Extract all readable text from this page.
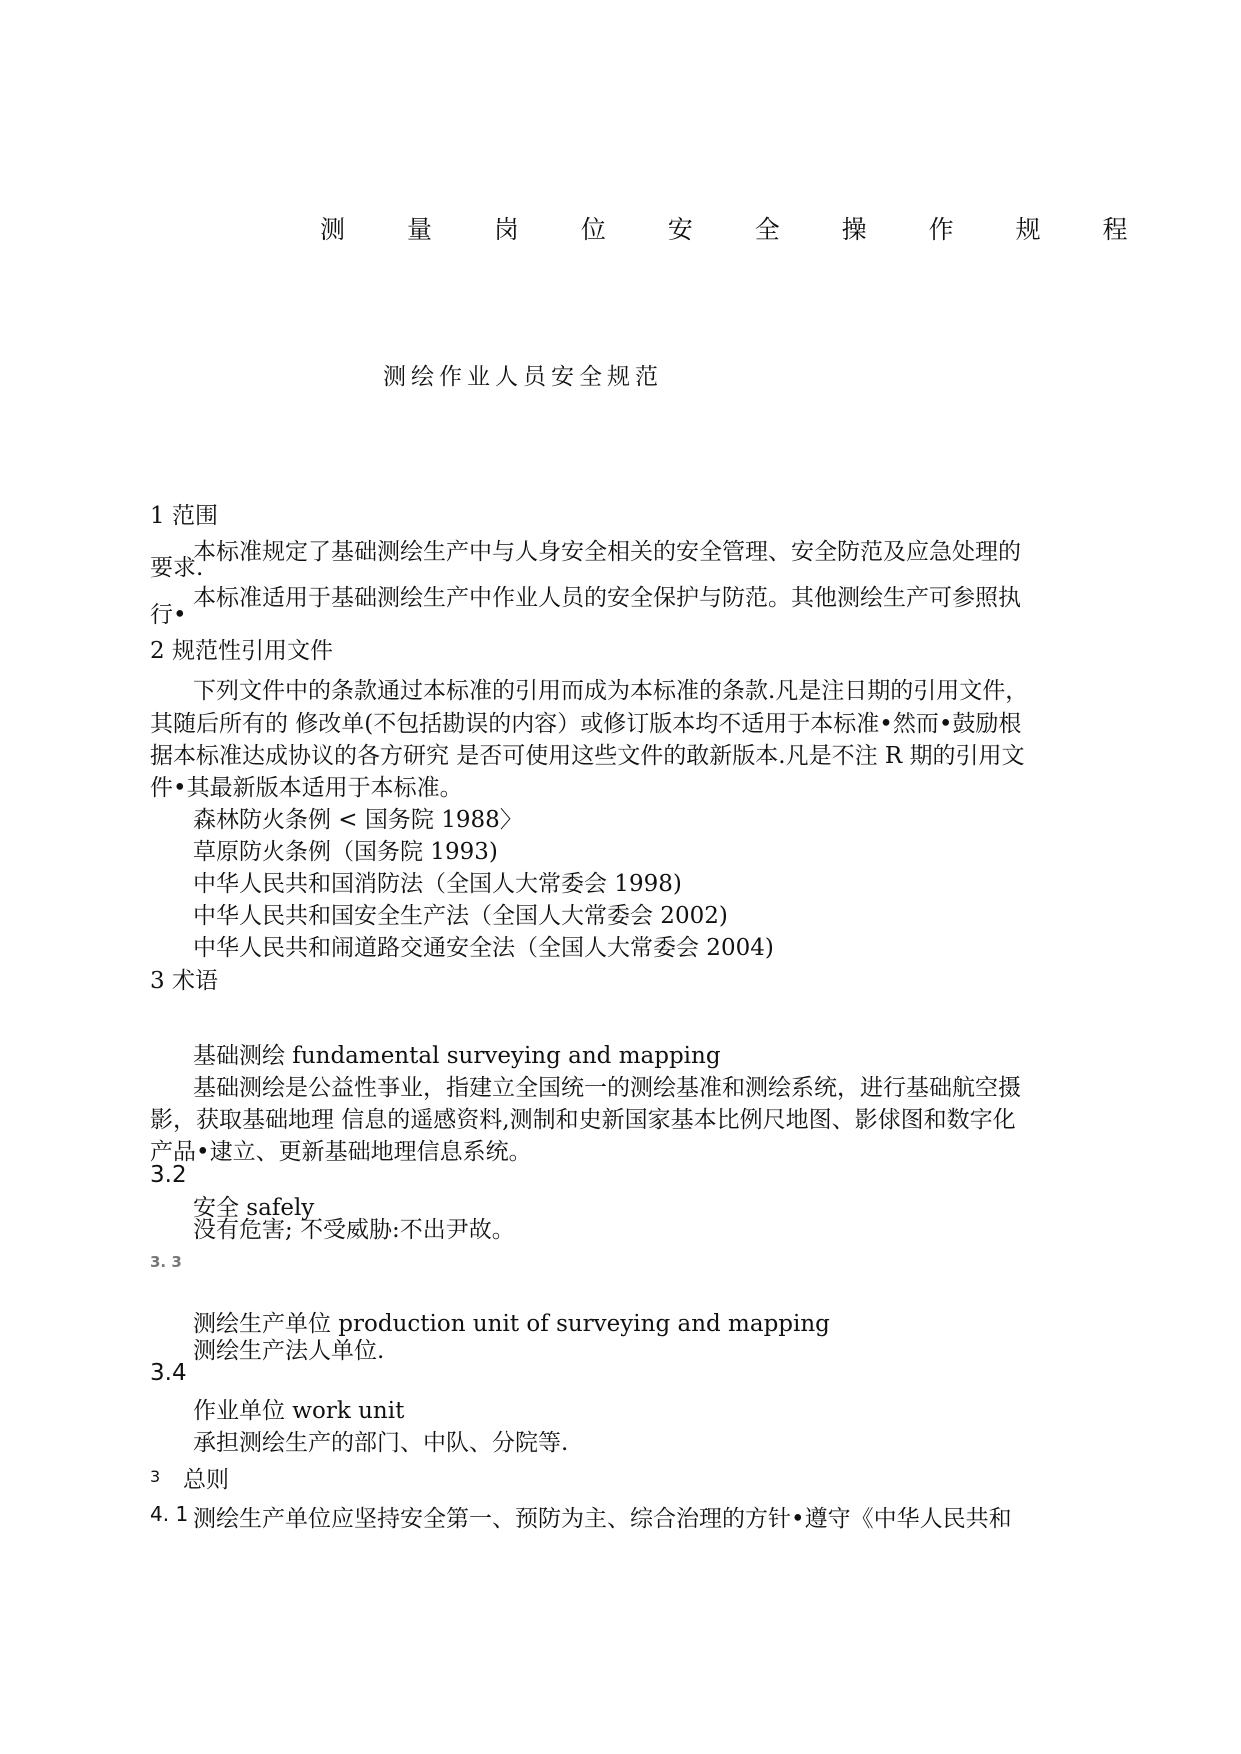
测 量 岗 位 安 全 操 作 规 程
测绘作业人员安全规范
1 范围
本标准规定了基础测绘生产中与人身安全相关的安全管理、安全防范及应急处理的
要求.
本标准适用于基础测绘生产中作业人员的安全保护与防范。其他测绘生产可参照执
行•
2 规范性引用文件
下列文件中的条款通过本标准的引用而成为本标准的条款.凡是注日期的引用文件，
其随后所有的 修改单(不包括勘误的内容）或修订版本均不适用于本标准•然而•鼓励根
据本标准达成协议的各方研究 是否可使用这些文件的敢新版本.凡是不注 R 期的引用文
件•其最新版本适用于本标准。
森林防火条例 < 国务院 1988〉
草原防火条例（国务院 1993)
中华人民共和国消防法（全国人大常委会 1998)
中华人民共和国安全生产法（全国人大常委会 2002)
中华人民共和闹道路交通安全法（全国人大常委会 2004)
3 术语
基础测绘 fundamental surveying and mapping
基础测绘是公益性亊业，指建立全国统一的测绘基准和测绘系统，进行基础航空摄
影，获取基础地理 信息的遥感资料,测制和史新国家基本比例尺地图、影俅图和数字化
产品•逮立、更新基础地理信息系统。
3.2
安全 safely
没有危害; 不受威胁:不出尹故。
3. 3
测绘生产单位 production unit of surveying and mapping
测绘生产法人单位.
3.4
作业单位 work unit
承担测绘生产的部门、中队、分院等.
3 总则
4. 1 测绘生产单位应坚持安全第一、预防为主、综合治理的方针•遵守《中华人民共和
